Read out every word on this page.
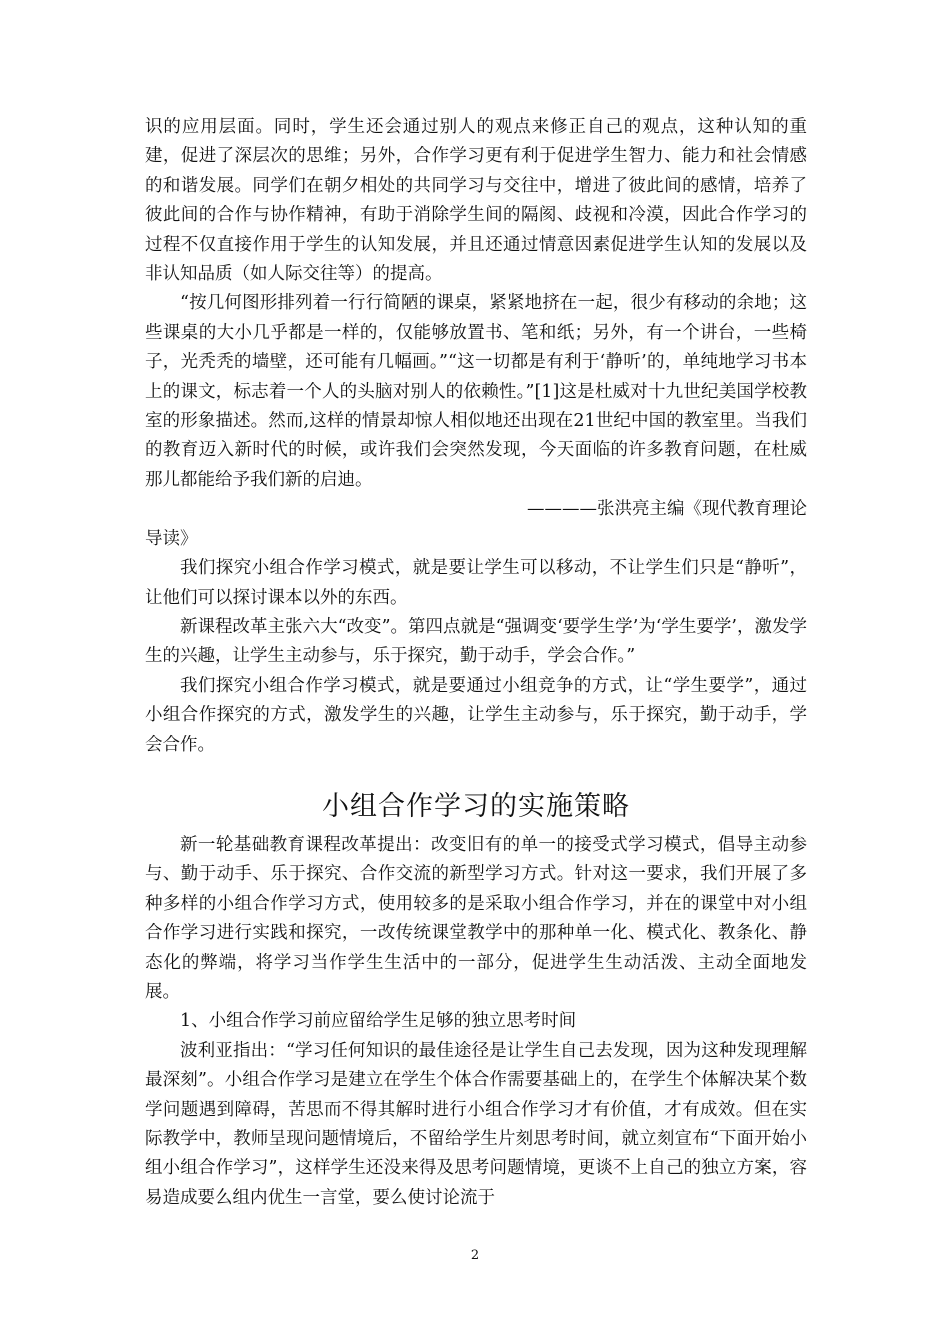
识的应用层面。同时，学生还会通过别人的观点来修正自己的观点，这种认知的重建，促进了深层次的思维；另外，合作学习更有利于促进学生智力、能力和社会情感的和谐发展。同学们在朝夕相处的共同学习与交往中，增进了彼此间的感情，培养了彼此间的合作与协作精神，有助于消除学生间的隔阂、歧视和冷漠，因此合作学习的过程不仅直接作用于学生的认知发展，并且还通过情意因素促进学生认知的发展以及非认知品质（如人际交往等）的提高。

“按几何图形排列着一行行简陋的课桌，紧紧地挤在一起，很少有移动的余地；这些课桌的大小几乎都是一样的，仅能够放置书、笔和纸；另外，有一个讲台，一些椅子，光秃秃的墙壁，还可能有几幅画。”“这一切都是有利于‘静听’的，单纯地学习书本上的课文，标志着一个人的头脑对别人的依赖性。”[1]这是杜威对十九世纪美国学校教室的形象描述。然而,这样的情景却惊人相似地还出现在21世纪中国的教室里。当我们的教育迈入新时代的时候，或许我们会突然发现，今天面临的许多教育问题，在杜威那儿都能给予我们新的启迪。

————张洪亮主编《现代教育理论

导读》

我们探究小组合作学习模式，就是要让学生可以移动，不让学生们只是“静听”，让他们可以探讨课本以外的东西。

新课程改革主张六大“改变”。第四点就是“强调变‘要学生学’为‘学生要学’，激发学生的兴趣，让学生主动参与，乐于探究，勤于动手，学会合作。”

我们探究小组合作学习模式，就是要通过小组竞争的方式，让“学生要学”，通过小组合作探究的方式，激发学生的兴趣，让学生主动参与，乐于探究，勤于动手，学会合作。

小组合作学习的实施策略

新一轮基础教育课程改革提出：改变旧有的单一的接受式学习模式，倡导主动参与、勤于动手、乐于探究、合作交流的新型学习方式。针对这一要求，我们开展了多种多样的小组合作学习方式，使用较多的是采取小组合作学习，并在的课堂中对小组合作学习进行实践和探究，一改传统课堂教学中的那种单一化、模式化、教条化、静态化的弊端，将学习当作学生生活中的一部分，促进学生生动活泼、主动全面地发展。

1、小组合作学习前应留给学生足够的独立思考时间

波利亚指出：“学习任何知识的最佳途径是让学生自己去发现，因为这种发现理解最深刻”。小组合作学习是建立在学生个体合作需要基础上的，在学生个体解决某个数学问题遇到障碍，苦思而不得其解时进行小组合作学习才有价值，才有成效。但在实际教学中，教师呈现问题情境后，不留给学生片刻思考时间，就立刻宣布“下面开始小组小组合作学习”，这样学生还没来得及思考问题情境，更谈不上自己的独立方案，容易造成要么组内优生一言堂，要么使讨论流于

2
